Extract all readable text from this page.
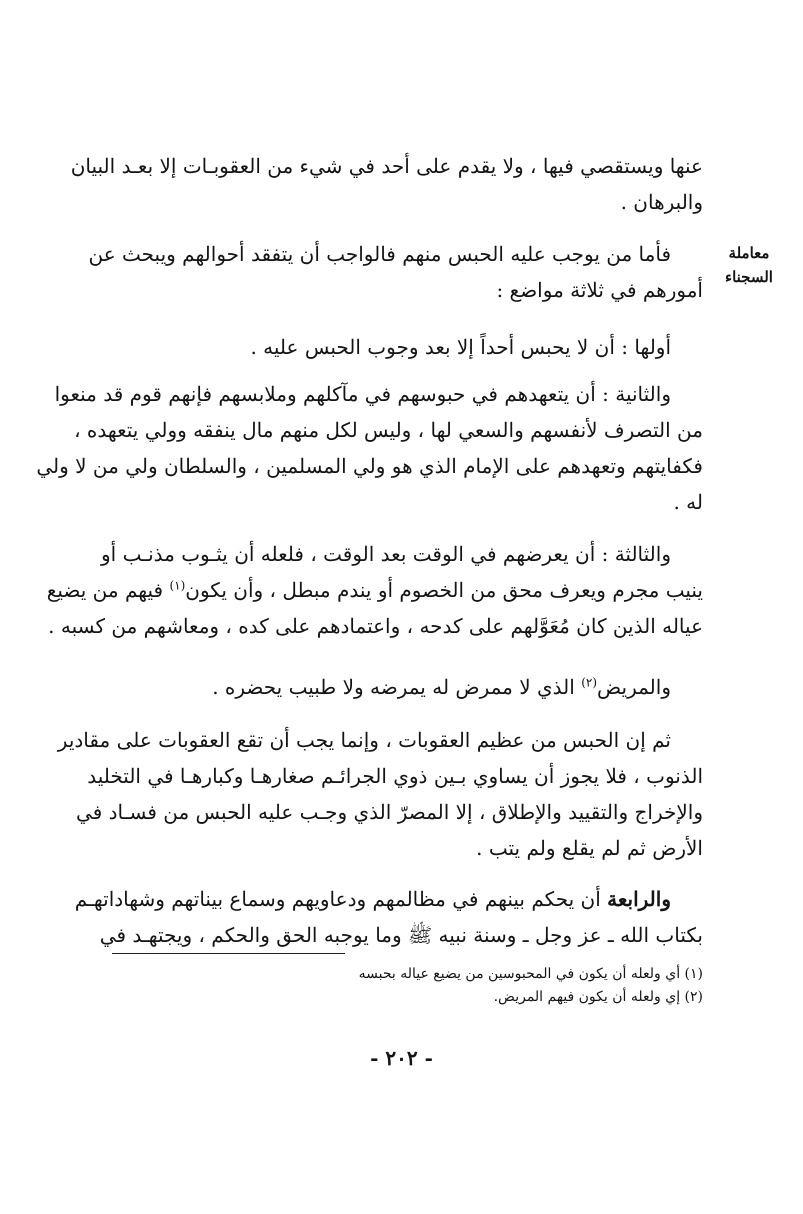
معاملة
السجناء
عنها ويستقصي فيها ، ولا يقدم على أحد في شيء من العقوبـات إلا بعـد البيان
والبرهان .
فأما من يوجب عليه الحبس منهم فالواجب أن يتفقد أحوالهم ويبحث عن
أمورهم في ثلاثة مواضع :
أولها : أن لا يحبس أحداً إلا بعد وجوب الحبس عليه .
والثانية : أن يتعهدهم في حبوسهم في مآكلهم وملابسهم فإنهم قوم قد منعوا
من التصرف لأنفسهم والسعي لها ، وليس لكل منهم مال ينفقه وولي يتعهده ،
فكفايتهم وتعهدهم على الإمام الذي هو ولي المسلمين ، والسلطان ولي من لا ولي
له .
والثالثة : أن يعرضهم في الوقت بعد الوقت ، فلعله أن يثـوب مذنـب أو
ينيب مجرم ويعرف محق من الخصوم أو يندم مبطل ، وأن يكون$^{(١)}$ فيهم من يضيع
عياله الذين كان مُعَوَّلهم على كدحه ، واعتمادهم على كده ، ومعاشهم من كسبه .
والمريض$^{(٢)}$ الذي لا ممرض له يمرضه ولا طبيب يحضره .
ثم إن الحبس من عظيم العقوبات ، وإنما يجب أن تقع العقوبات على مقادير
الذنوب ، فلا يجوز أن يساوي بـين ذوي الجرائـم صغارهـا وكبارهـا في التخليد
والإخراج والتقييد والإطلاق ، إلا المصرّ الذي وجـب عليه الحبس من فسـاد في
الأرض ثم لم يقلع ولم يتب .
والرابعة أن يحكم بينهم في مظالمهم ودعاويهم وسماع بيناتهم وشهاداتهـم
بكتاب الله ـ عز وجل ـ وسنة نبيه ﷺ وما يوجبه الحق والحكم ، ويجتهـد في
(١) أي ولعله أن يكون في المحبوسين من يضيع عياله بحبسه
(٢) إي ولعله أن يكون فيهم المريض.
- ٢٠٢ -
